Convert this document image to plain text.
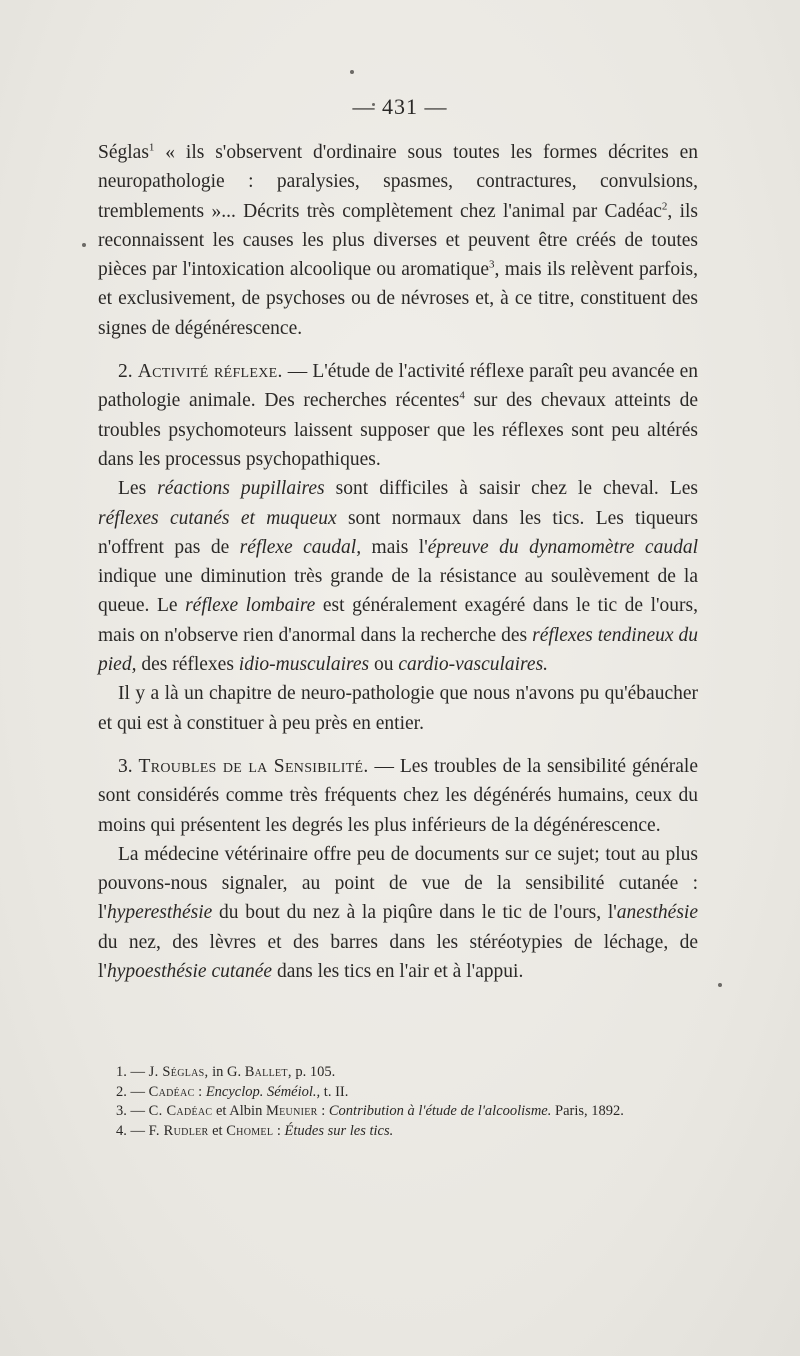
— 431 —

Séglas$^1$ « ils s'observent d'ordinaire sous toutes les formes décrites en neuropathologie : paralysies, spasmes, contractures, convulsions, tremblements »... Décrits très complètement chez l'animal par Cadéac$^2$, ils reconnaissent les causes les plus diverses et peuvent être créés de toutes pièces par l'intoxication alcoolique ou aromatique$^3$, mais ils relèvent parfois, et exclusivement, de psychoses ou de névroses et, à ce titre, constituent des signes de dégénérescence.

2. Activité réflexe. — L'étude de l'activité réflexe paraît peu avancée en pathologie animale. Des recherches récentes$^4$ sur des chevaux atteints de troubles psychomoteurs laissent supposer que les réflexes sont peu altérés dans les processus psychopathiques.

Les réactions pupillaires sont difficiles à saisir chez le cheval. Les réflexes cutanés et muqueux sont normaux dans les tics. Les tiqueurs n'offrent pas de réflexe caudal, mais l'épreuve du dynamomètre caudal indique une diminution très grande de la résistance au soulèvement de la queue. Le réflexe lombaire est généralement exagéré dans le tic de l'ours, mais on n'observe rien d'anormal dans la recherche des réflexes tendineux du pied, des réflexes idio-musculaires ou cardio-vasculaires.

Il y a là un chapitre de neuro-pathologie que nous n'avons pu qu'ébaucher et qui est à constituer à peu près en entier.

3. Troubles de la Sensibilité. — Les troubles de la sensibilité générale sont considérés comme très fréquents chez les dégénérés humains, ceux du moins qui présentent les degrés les plus inférieurs de la dégénérescence.

La médecine vétérinaire offre peu de documents sur ce sujet; tout au plus pouvons-nous signaler, au point de vue de la sensibilité cutanée : l'hyperesthésie du bout du nez à la piqûre dans le tic de l'ours, l'anesthésie du nez, des lèvres et des barres dans les stéréotypies de léchage, de l'hypoesthésie cutanée dans les tics en l'air et à l'appui.

1. — J. Séglas, in G. Ballet, p. 105.

2. — Cadéac : Encyclop. Séméiol., t. II.

3. — C. Cadéac et Albin Meunier : Contribution à l'étude de l'alcoolisme. Paris, 1892.

4. — F. Rudler et Chomel : Études sur les tics.
